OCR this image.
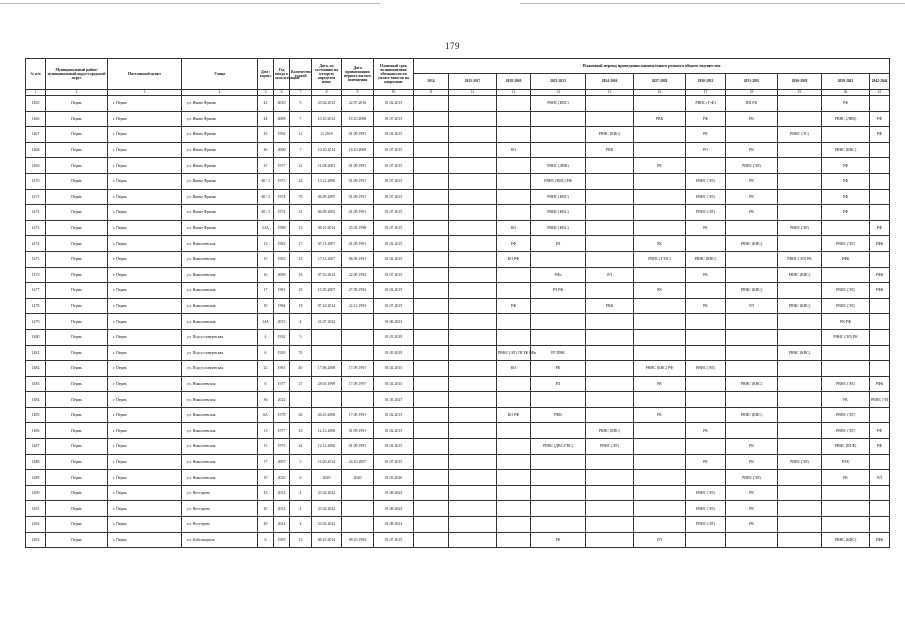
179
№ п/п	Муниципальный район/ муниципальный округ/городской округ	Населенный пункт	Улица	Дом / корпус	Год ввода в эксплуатацию	Количество этажей	Дата, по состоянию на которую определен износ	Дата приватизации первого жилого помещения	Плановый срок возникновения обязанности по уплате взносов на капремонт	Плановый период проведения капитального ремонта общего имущества										
										2014	2015-2017	2018-2020	2021-2023	2024-2026	2027-2029	2030-2032	2033-2035	2036-2038	2039-2041	2042-2044
1	2	3	4	5	6	7	8	9	10	11	12	13	14	15	16	17	18	19	20	21
1465	Пермь	г. Пермь	ул. Ивана Франко	42	2010	5	23.02.2012	22.07.2010	01.02.2015				РВНС (КВС)			РВНС (Г-Ф)	ВП РК		РФ	
1466	Пермь	г. Пермь	ул. Ивана Франко	44	2008	7	10.10.2014	18.10.2008	01.07.2015						РВК	РФ	РК		РВНС (ЛВК)	РФ
1467	Пермь	г. Пермь	ул. Ивана Франко	45	1992	12	11.2019	01.09.1991	01.02.2015					РВНС (КВС)		РК		РВНС (ЭС)		РФ
1468	Пермь	г. Пермь	ул. Ивана Франко	46	2006	7	10.10.2014	18.10.2008	01.07.2015			КО		РВК		РО	РК		РВНС (КВС)	
1469	Пермь	г. Пермь	ул. Ивана Франко	47	1977	21	11.08.2003	01.09.1991	01.07.2015				РВНС (ЛВК)		РК		РВНС (ЭЛ)		РФ	
1470	Пермь	г. Пермь	ул. Ивана Франко	48 / 1	1973	24	13.12.2006	01.09.1991	01.07.2015				РВНС (КВС) РФ			РВНС (ЭЛ)	РК		РФ	
1471	Пермь	г. Пермь	ул. Ивана Франко	48 / 2	1974	70	06.09.2005	01.09.1991	01.07.2015				РВНС (КВС)			РВНС (ЭЛ)	РК		РФ	
1472	Пермь	г. Пермь	ул. Ивана Франко	48 / 3	1974	31	06.09.2005	01.09.1991	01.07.2015				РВНС (КВС)			РВНС (ЭЛ)	РК		РФ	
1473	Пермь	г. Пермь	ул. Ивана Франко	53А	1998	15	08.10.2014	25.03.1998	01.07.2015			КО	РВНС (КВС)			РК		РВНС (ЭЛ)		РФ
1474	Пермь	г. Пермь	ул. Николаевская	13	1982	17	07.11.2007	01.09.1991	01.02.2015			РФ	РЛ		РК		РВНС (КВС)		РВНС (ЭЛ)	РФК
1475	Пермь	г. Пермь	ул. Николаевская	15	1982	23	17.11.2007	06.09.1991	01.02.2015			КО РФ			РВНС (Г-ВС)	РВНС (КВС)		РВНС (ЭЛ) РК	РФК	
1476	Пермь	г. Пермь	ул. Николаевская	16	2008	16	07.10.2014	22.09.1992	01.07.2015				РФл	РЛ		РК		РВНС (КВС)		РФК
1477	Пермь	г. Пермь	ул. Николаевская	17	1981	25	15.03.2007	27.09.1992	01.02.2015				РЛ РФ		РК		РВНС (КВС)		РВНС (ЭЛ)	РФК
1478	Пермь	г. Пермь	ул. Николаевская	19	1984	18	07.10.2014	22.12.1993	01.07.2015			РФ		РВК		РК	РЛ	РВНС (КВС)	РВНС (ЭЛ)	
1479	Пермь	г. Пермь	ул. Николаевская	14А	2015	4	21.07.2022		01.06.2023										РК РФ	
1480	Пермь	г. Пермь	ул. Подсусловцевская	4	1932	5			01.03.2019										РВНС (ЭЛ) РК	
1481	Пермь	г. Пермь	ул. Подсусловцевская	6	1929	70			01.05.2019			РВНС (ЭЛ) ГВ РК РФк	РЛ ПНК					РВНС (КВС)		
1482	Пермь	г. Пермь	ул. Подсусловцевская	22	1961	40	17.06.2008	17.09.1991	01.02.2015			КО	РК		РВНС (КВС) РФ	РВНС (ЭЛ)				
1483	Пермь	г. Пермь	ул. Николаевская	6	1977	27	28.01.1999	17.09.1997	01.02.2015				РЛ		РК		РВНС (КВС)		РВНС (ЭЛ)	РФК
1484	Пермь	г. Пермь	ул. Николаевская	36	2022				01.05.2027										РК	РВНС (ЭЛ)
1485	Пермь	г. Пермь	ул. Николаевская	6А	1978	26	26.10.2006	17.09.1991	01.02.2015			КО РФ	РФК		РК		РВНС (КВС)		РВНС (ЭЛ)	
1486	Пермь	г. Пермь	ул. Николаевская	13	1977	25	12.12.2006	01.09.1991	01.02.2015					РВНС (КВС)		РК			РВНС (ЭЛ)	РФ
1487	Пермь	г. Пермь	ул. Николаевская	15	1973	24	12.12.2006	01.09.1991	01.02.2015				РВНС (ДВС/ГВС)	РВНС (ЭЛ)			РК		РВНС (ВГФ)	РФ
1488	Пермь	г. Пермь	ул. Николаевская	17	2007	5	11.06.2014	24.10.2007	01.07.2015							РК	РК	РВНС (ЭЛ)	РЛК	
1489	Пермь	г. Пермь	ул. Николаевская	19	2020	6	2020	2020	01.05.2026								РВНС (ЭЛ)		РК	РЛ
1490	Пермь	г. Пермь	ул. Нестерова	43	2014	4	23.02.2022		01.08.2023							РВНС (ЭЛ)	РК			
1491	Пермь	г. Пермь	ул. Нестерова	45	2014	4	23.02.2022		01.08.2023							РВНС (ЭЛ)	РК			
1492	Пермь	г. Пермь	ул. Нестерова	49	2014	4	23.02.2022		01.08.2023							РВНС (ЭЛ)	РК			
1493	Пермь	г. Пермь	ул. Кабельщиков	6	1993	15	06.10.2014	08.10.1993	01.07.2015				РК		РЛ				РВНС (КВС)	РФК
